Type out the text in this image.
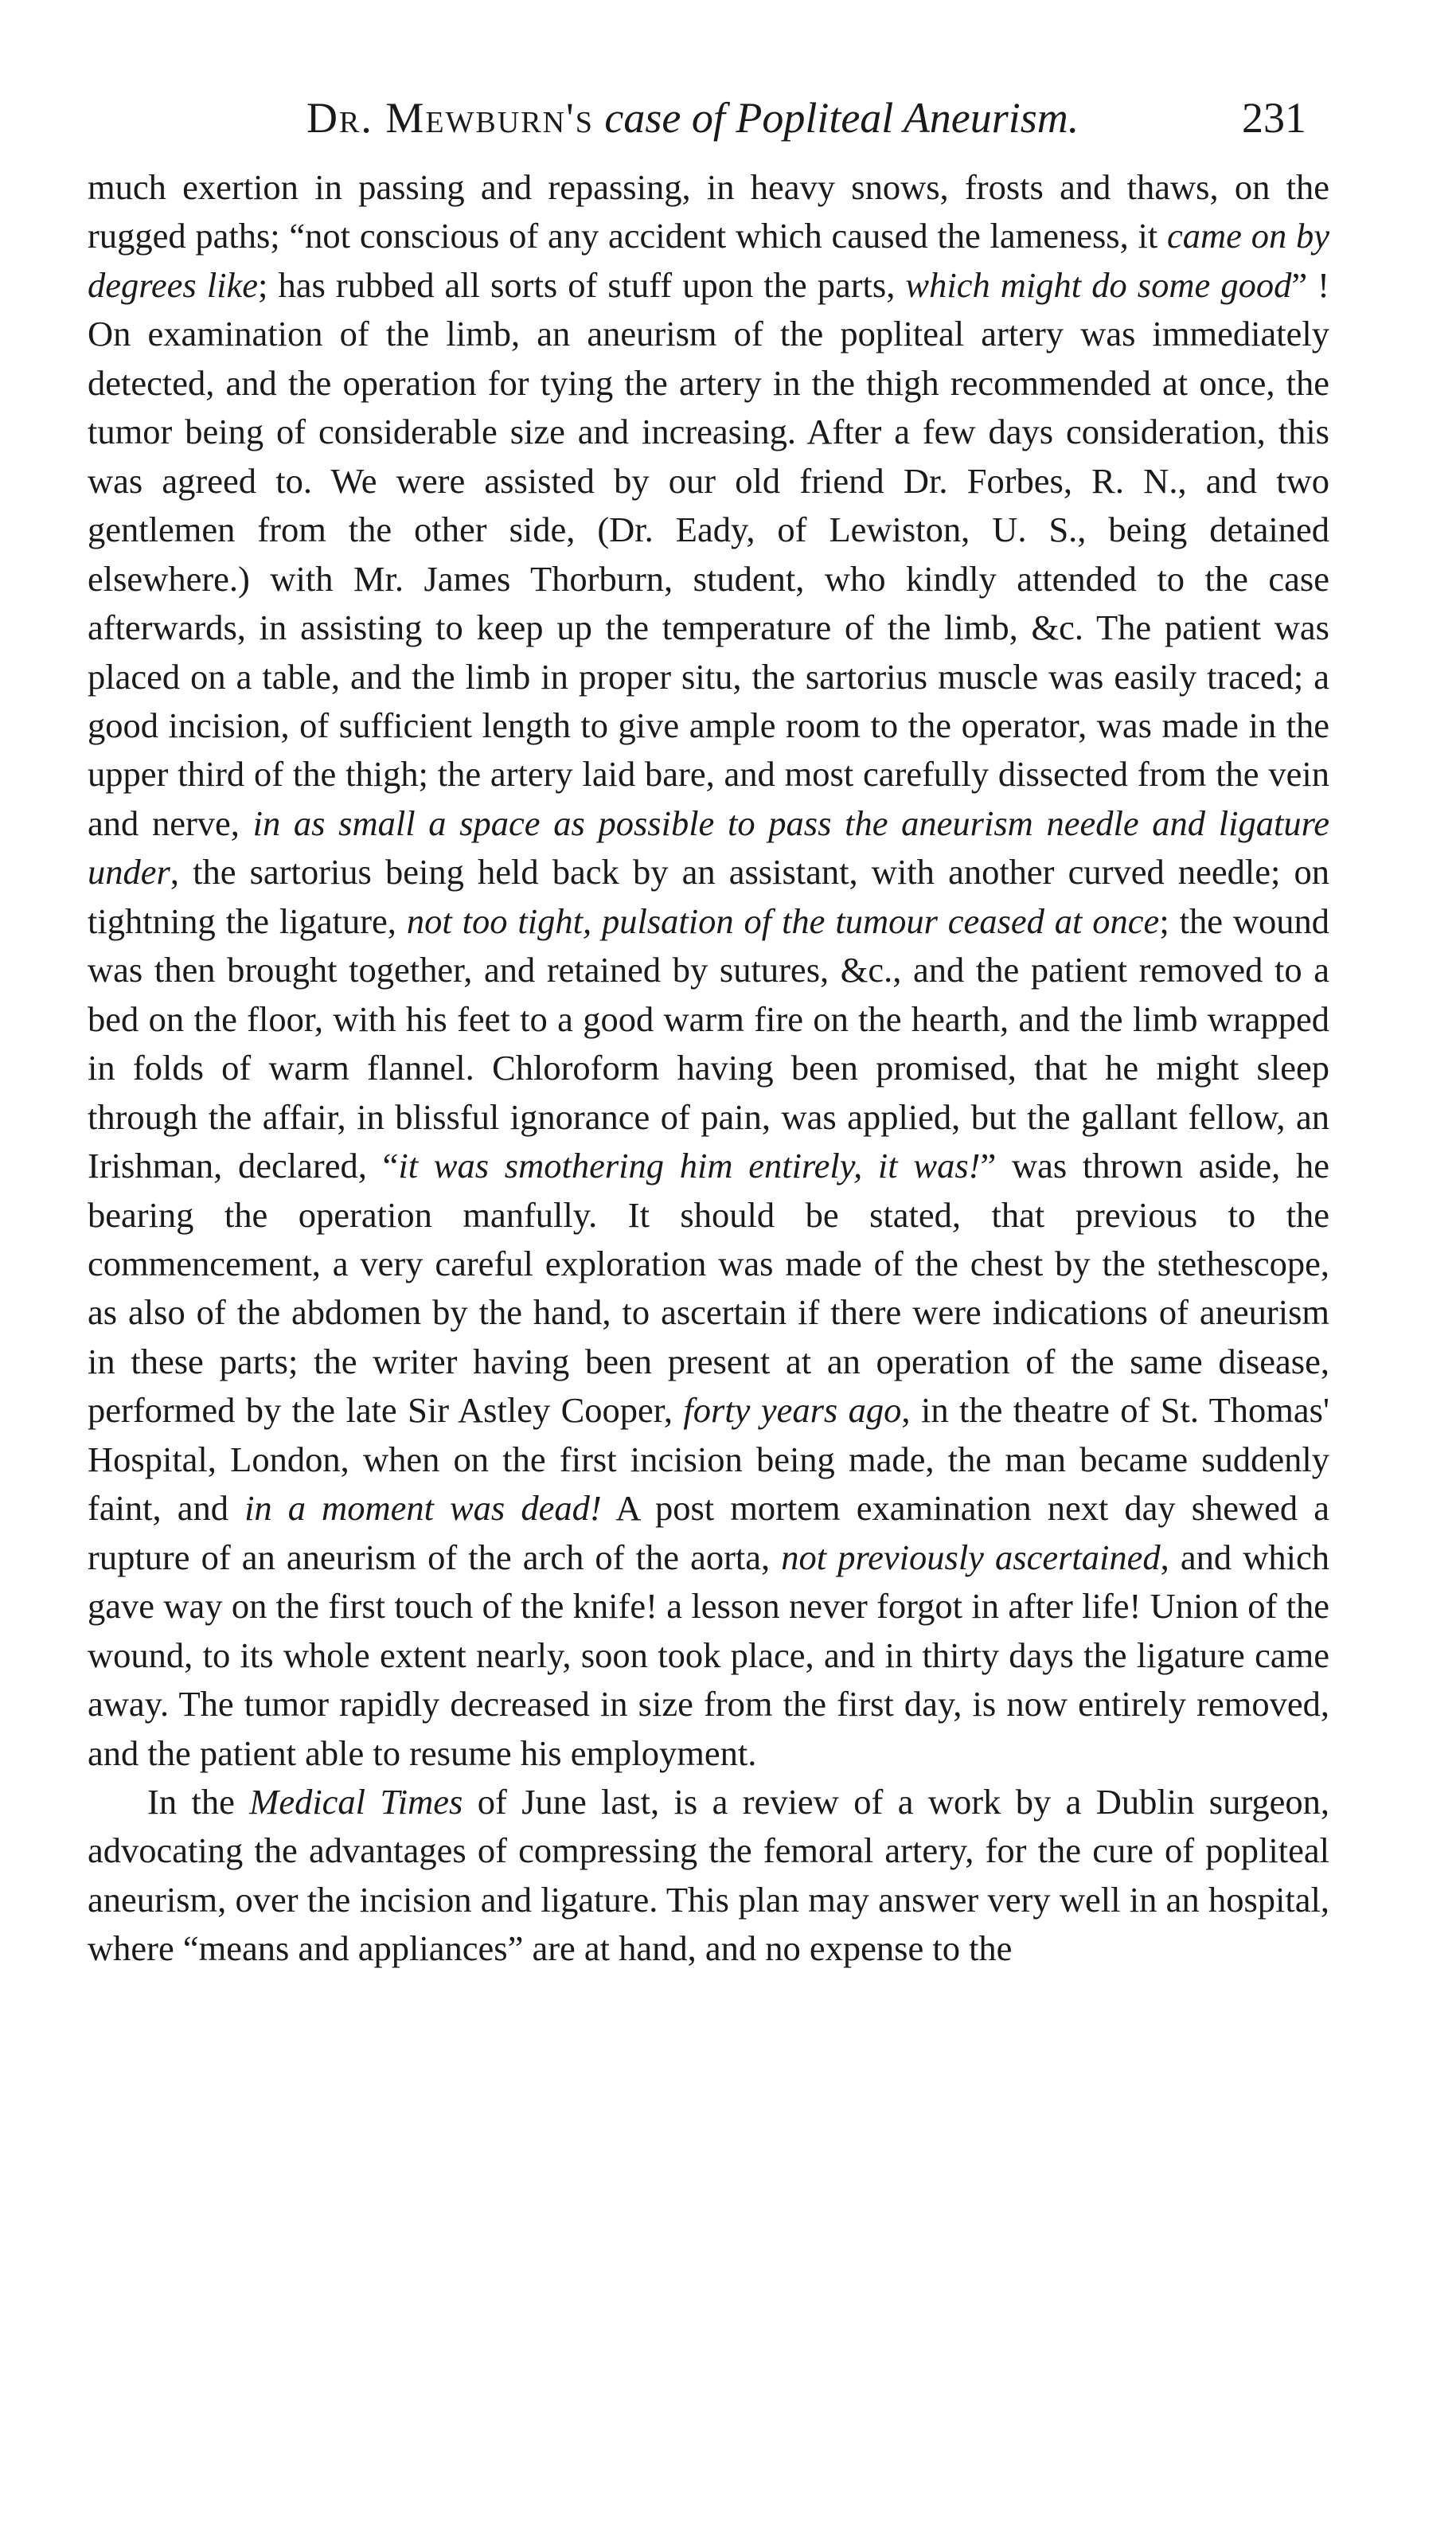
Dr. Mewburn's case of Popliteal Aneurism.	231

much exertion in passing and repassing, in heavy snows, frosts and thaws, on the rugged paths; “not conscious of any accident which caused the lameness, it came on by degrees like; has rubbed all sorts of stuff upon the parts, which might do some good” ! On examination of the limb, an aneurism of the popliteal artery was immediately detected, and the operation for tying the artery in the thigh recommended at once, the tumor being of considerable size and increasing. After a few days consideration, this was agreed to. We were assisted by our old friend Dr. Forbes, R. N., and two gentlemen from the other side, (Dr. Eady, of Lewiston, U. S., being detained elsewhere.) with Mr. James Thorburn, student, who kindly attended to the case afterwards, in assisting to keep up the temperature of the limb, &c. The patient was placed on a table, and the limb in proper situ, the sartorius muscle was easily traced; a good incision, of sufficient length to give ample room to the operator, was made in the upper third of the thigh; the artery laid bare, and most carefully dissected from the vein and nerve, in as small a space as possible to pass the aneurism needle and ligature under, the sartorius being held back by an assistant, with another curved needle; on tightning the ligature, not too tight, pulsation of the tumour ceased at once; the wound was then brought together, and retained by sutures, &c., and the patient removed to a bed on the floor, with his feet to a good warm fire on the hearth, and the limb wrapped in folds of warm flannel. Chloroform having been promised, that he might sleep through the affair, in blissful ignorance of pain, was applied, but the gallant fellow, an Irishman, declared, “it was smothering him entirely, it was!” was thrown aside, he bearing the operation manfully. It should be stated, that previous to the commencement, a very careful exploration was made of the chest by the stethescope, as also of the abdomen by the hand, to ascertain if there were indications of aneurism in these parts; the writer having been present at an operation of the same disease, performed by the late Sir Astley Cooper, forty years ago, in the theatre of St. Thomas' Hospital, London, when on the first incision being made, the man became suddenly faint, and in a moment was dead! A post mortem examination next day shewed a rupture of an aneurism of the arch of the aorta, not previously ascertained, and which gave way on the first touch of the knife! a lesson never forgot in after life! Union of the wound, to its whole extent nearly, soon took place, and in thirty days the ligature came away. The tumor rapidly decreased in size from the first day, is now entirely removed, and the patient able to resume his employment.

In the Medical Times of June last, is a review of a work by a Dublin surgeon, advocating the advantages of compressing the femoral artery, for the cure of popliteal aneurism, over the incision and ligature. This plan may answer very well in an hospital, where “means and appliances” are at hand, and no expense to the
